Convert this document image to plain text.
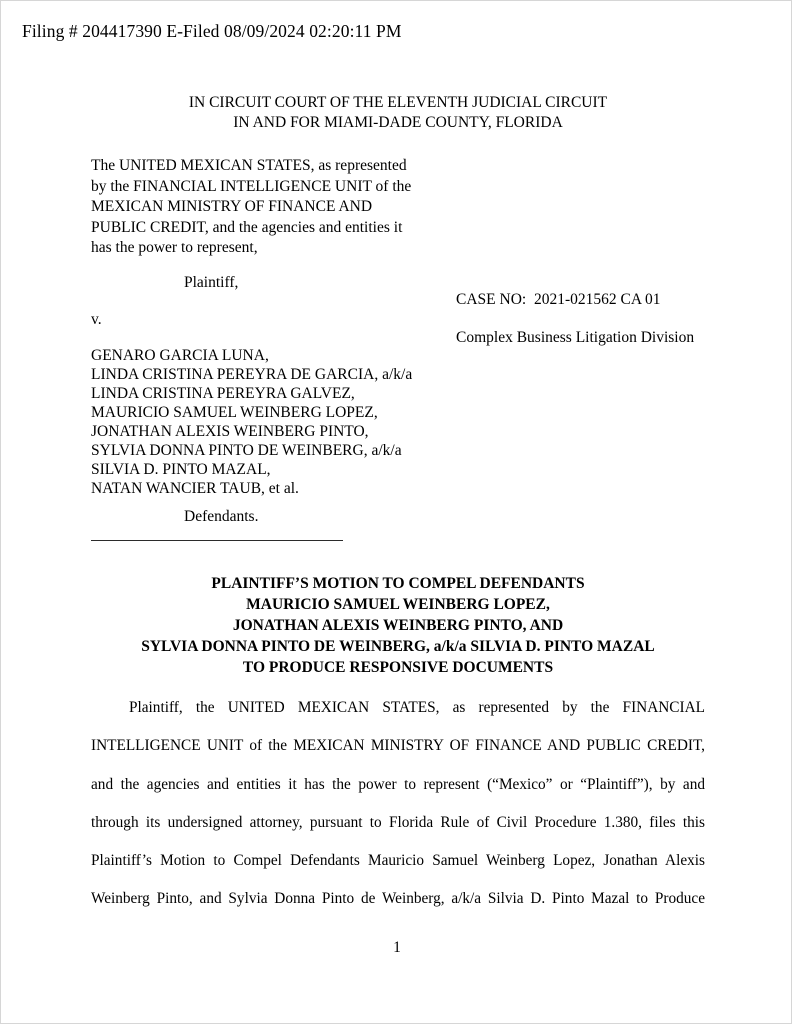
Filing # 204417390 E-Filed 08/09/2024 02:20:11 PM
IN CIRCUIT COURT OF THE ELEVENTH JUDICIAL CIRCUIT
IN AND FOR MIAMI-DADE COUNTY, FLORIDA
The UNITED MEXICAN STATES, as represented
by the FINANCIAL INTELLIGENCE UNIT of the
MEXICAN MINISTRY OF FINANCE AND
PUBLIC CREDIT, and the agencies and entities it
has the power to represent,
Plaintiff,
v.
GENARO GARCIA LUNA,
LINDA CRISTINA PEREYRA DE GARCIA, a/k/a
LINDA CRISTINA PEREYRA GALVEZ,
MAURICIO SAMUEL WEINBERG LOPEZ,
JONATHAN ALEXIS WEINBERG PINTO,
SYLVIA DONNA PINTO DE WEINBERG, a/k/a
SILVIA D. PINTO MAZAL,
NATAN WANCIER TAUB, et al.
Defendants.
CASE NO:  2021-021562 CA 01
Complex Business Litigation Division
PLAINTIFF’S MOTION TO COMPEL DEFENDANTS
MAURICIO SAMUEL WEINBERG LOPEZ,
JONATHAN ALEXIS WEINBERG PINTO, AND
SYLVIA DONNA PINTO DE WEINBERG, a/k/a SILVIA D. PINTO MAZAL
TO PRODUCE RESPONSIVE DOCUMENTS
Plaintiff, the UNITED MEXICAN STATES, as represented by the FINANCIAL
INTELLIGENCE UNIT of the MEXICAN MINISTRY OF FINANCE AND PUBLIC CREDIT,
and the agencies and entities it has the power to represent (“Mexico” or “Plaintiff”), by and
through its undersigned attorney, pursuant to Florida Rule of Civil Procedure 1.380, files this
Plaintiff’s Motion to Compel Defendants Mauricio Samuel Weinberg Lopez, Jonathan Alexis
Weinberg Pinto, and Sylvia Donna Pinto de Weinberg, a/k/a Silvia D. Pinto Mazal to Produce
1
